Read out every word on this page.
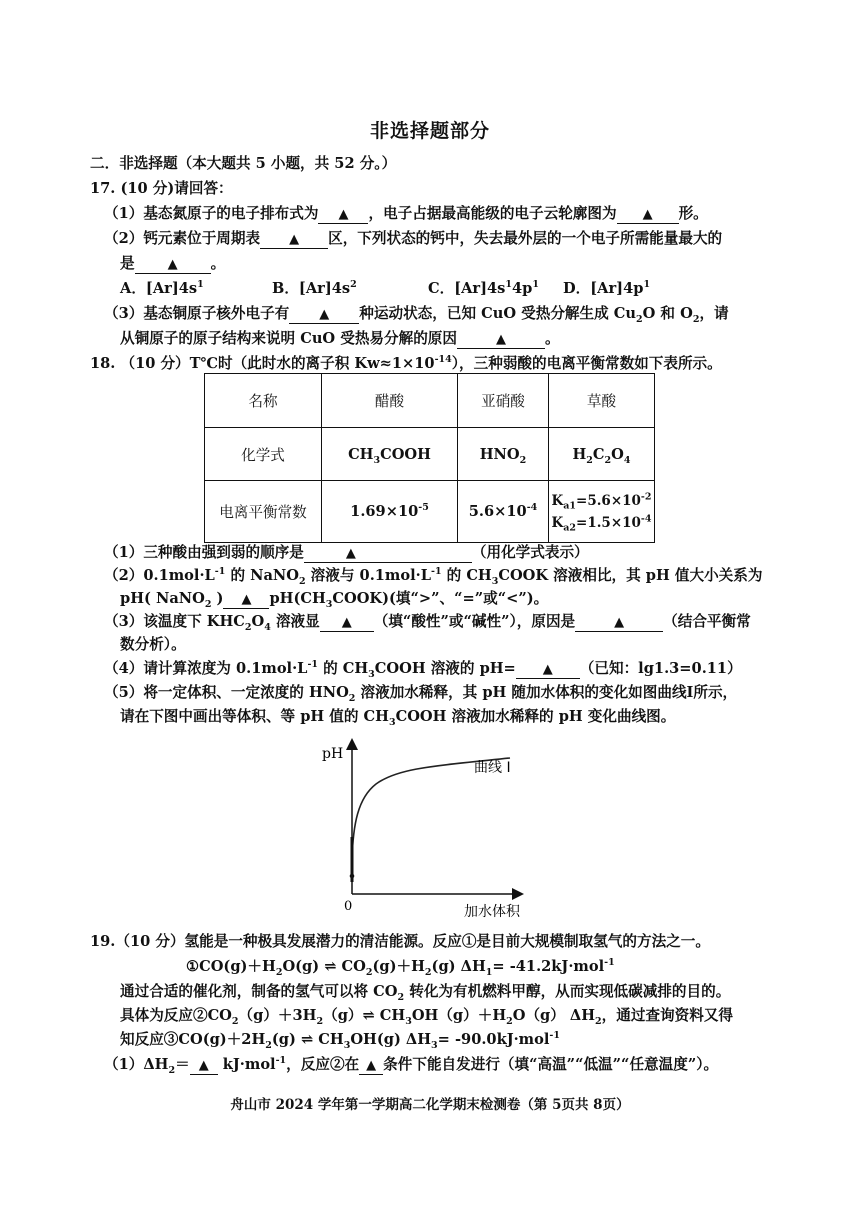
非选择题部分
二．非选择题（本大题共 5 小题，共 52 分。）
17. (10 分)请回答：
（1）基态氮原子的电子排布式为 ▲ ，电子占据最高能级的电子云轮廓图为 ▲ 形。
（2）钙元素位于周期表 ▲ 区，下列状态的钙中，失去最外层的一个电子所需能量最大的
是	▲ 。
A．$[Ar]4s^1$	B．$[Ar]4s^2$	C．$[Ar]4s^14p^1$ D．$[Ar]4p^1$
（3）基态铜原子核外电子有 ▲ 种运动状态，已知 CuO 受热分解生成 $Cu_2O$ 和 $O_2$，请
从铜原子的原子结构来说明 CuO 受热易分解的原因	▲	。
18. （10 分）T℃时（此时水的离子积 $Kw\approx 1\times 10^{-14}$），三种弱酸的电离平衡常数如下表所示。
名称	醋酸	亚硝酸	草酸
化学式	$CH_3COOH$	$HNO_2$	$H_2C_2O_4$
电离平衡常数	$1.69\times 10^{-5}$	$5.6\times 10^{-4}$	$K_{a1}=5.6\times 10^{-2}$
$K_{a2}=1.5\times 10^{-4}$
（1）三种酸由强到弱的顺序是	▲	（用化学式表示）
$(2)0.1mol\cdot L^{-1}$ 的 NaNO$_2$ 溶液与 $0.1mol\cdot L^{-1}$ 的 $CH_3COOK$ 溶液相比，其 pH 值大小关系为
pH( NaNO$_2$ ) ▲ $pH(CH_3COOK)$(填“>”、“=”或“<”)。
（3）该温度下 $KHC_2O_4$ 溶液显 ▲ （填“酸性”或“碱性”），原因是	▲	（结合平衡常
数分析）。
（4）请计算浓度为 $0.1mol\cdot L^{-1}$ 的 $CH_3COOH$ 溶液的 pH= ▲ （已知：lg1.3=0.11）
（5）将一定体积、一定浓度的 $HNO_2$ 溶液加水稀释，其 pH 随加水体积的变化如图曲线Ⅰ所示，
请在下图中画出等体积、等 pH 值的 $CH_3COOH$ 溶液加水稀释的 pH 变化曲线图。
pH
0	加水体积
曲线 Ⅰ
19.（10 分）氢能是一种极具发展潜力的清洁能源。反应①是目前大规模制取氢气的方法之一。
$①CO(g)+H_2O(g)$ ⇌ $CO_2(g)+H_2(g)$ $\Delta H_1= -41.2kJ\cdot mol^{-1}$
通过合适的催化剂，制备的氢气可以将 $CO_2$ 转化为有机燃料甲醇，从而实现低碳减排的目的。
具体为反应$②CO_2(g)+3H_2(g)\rightleftharpoons$ $CH_3OH(g)+H_2O(g)$ $\Delta H_2$，通过查询资料又得
知反应$③CO(g)+2H_2(g)$ ⇌ $CH_3OH(g)$ $\Delta H_3= -90.0kJ\cdot mol^{-1}$
$(1)\Delta H_2=$ ▲ kJ·mol$^{-1}$，反应②在 ▲ 条件下能自发进行（填“高温”“低温”“任意温度”）。
舟山市 2024 学年第一学期高二化学期末检测卷（第 5页共 8页）
